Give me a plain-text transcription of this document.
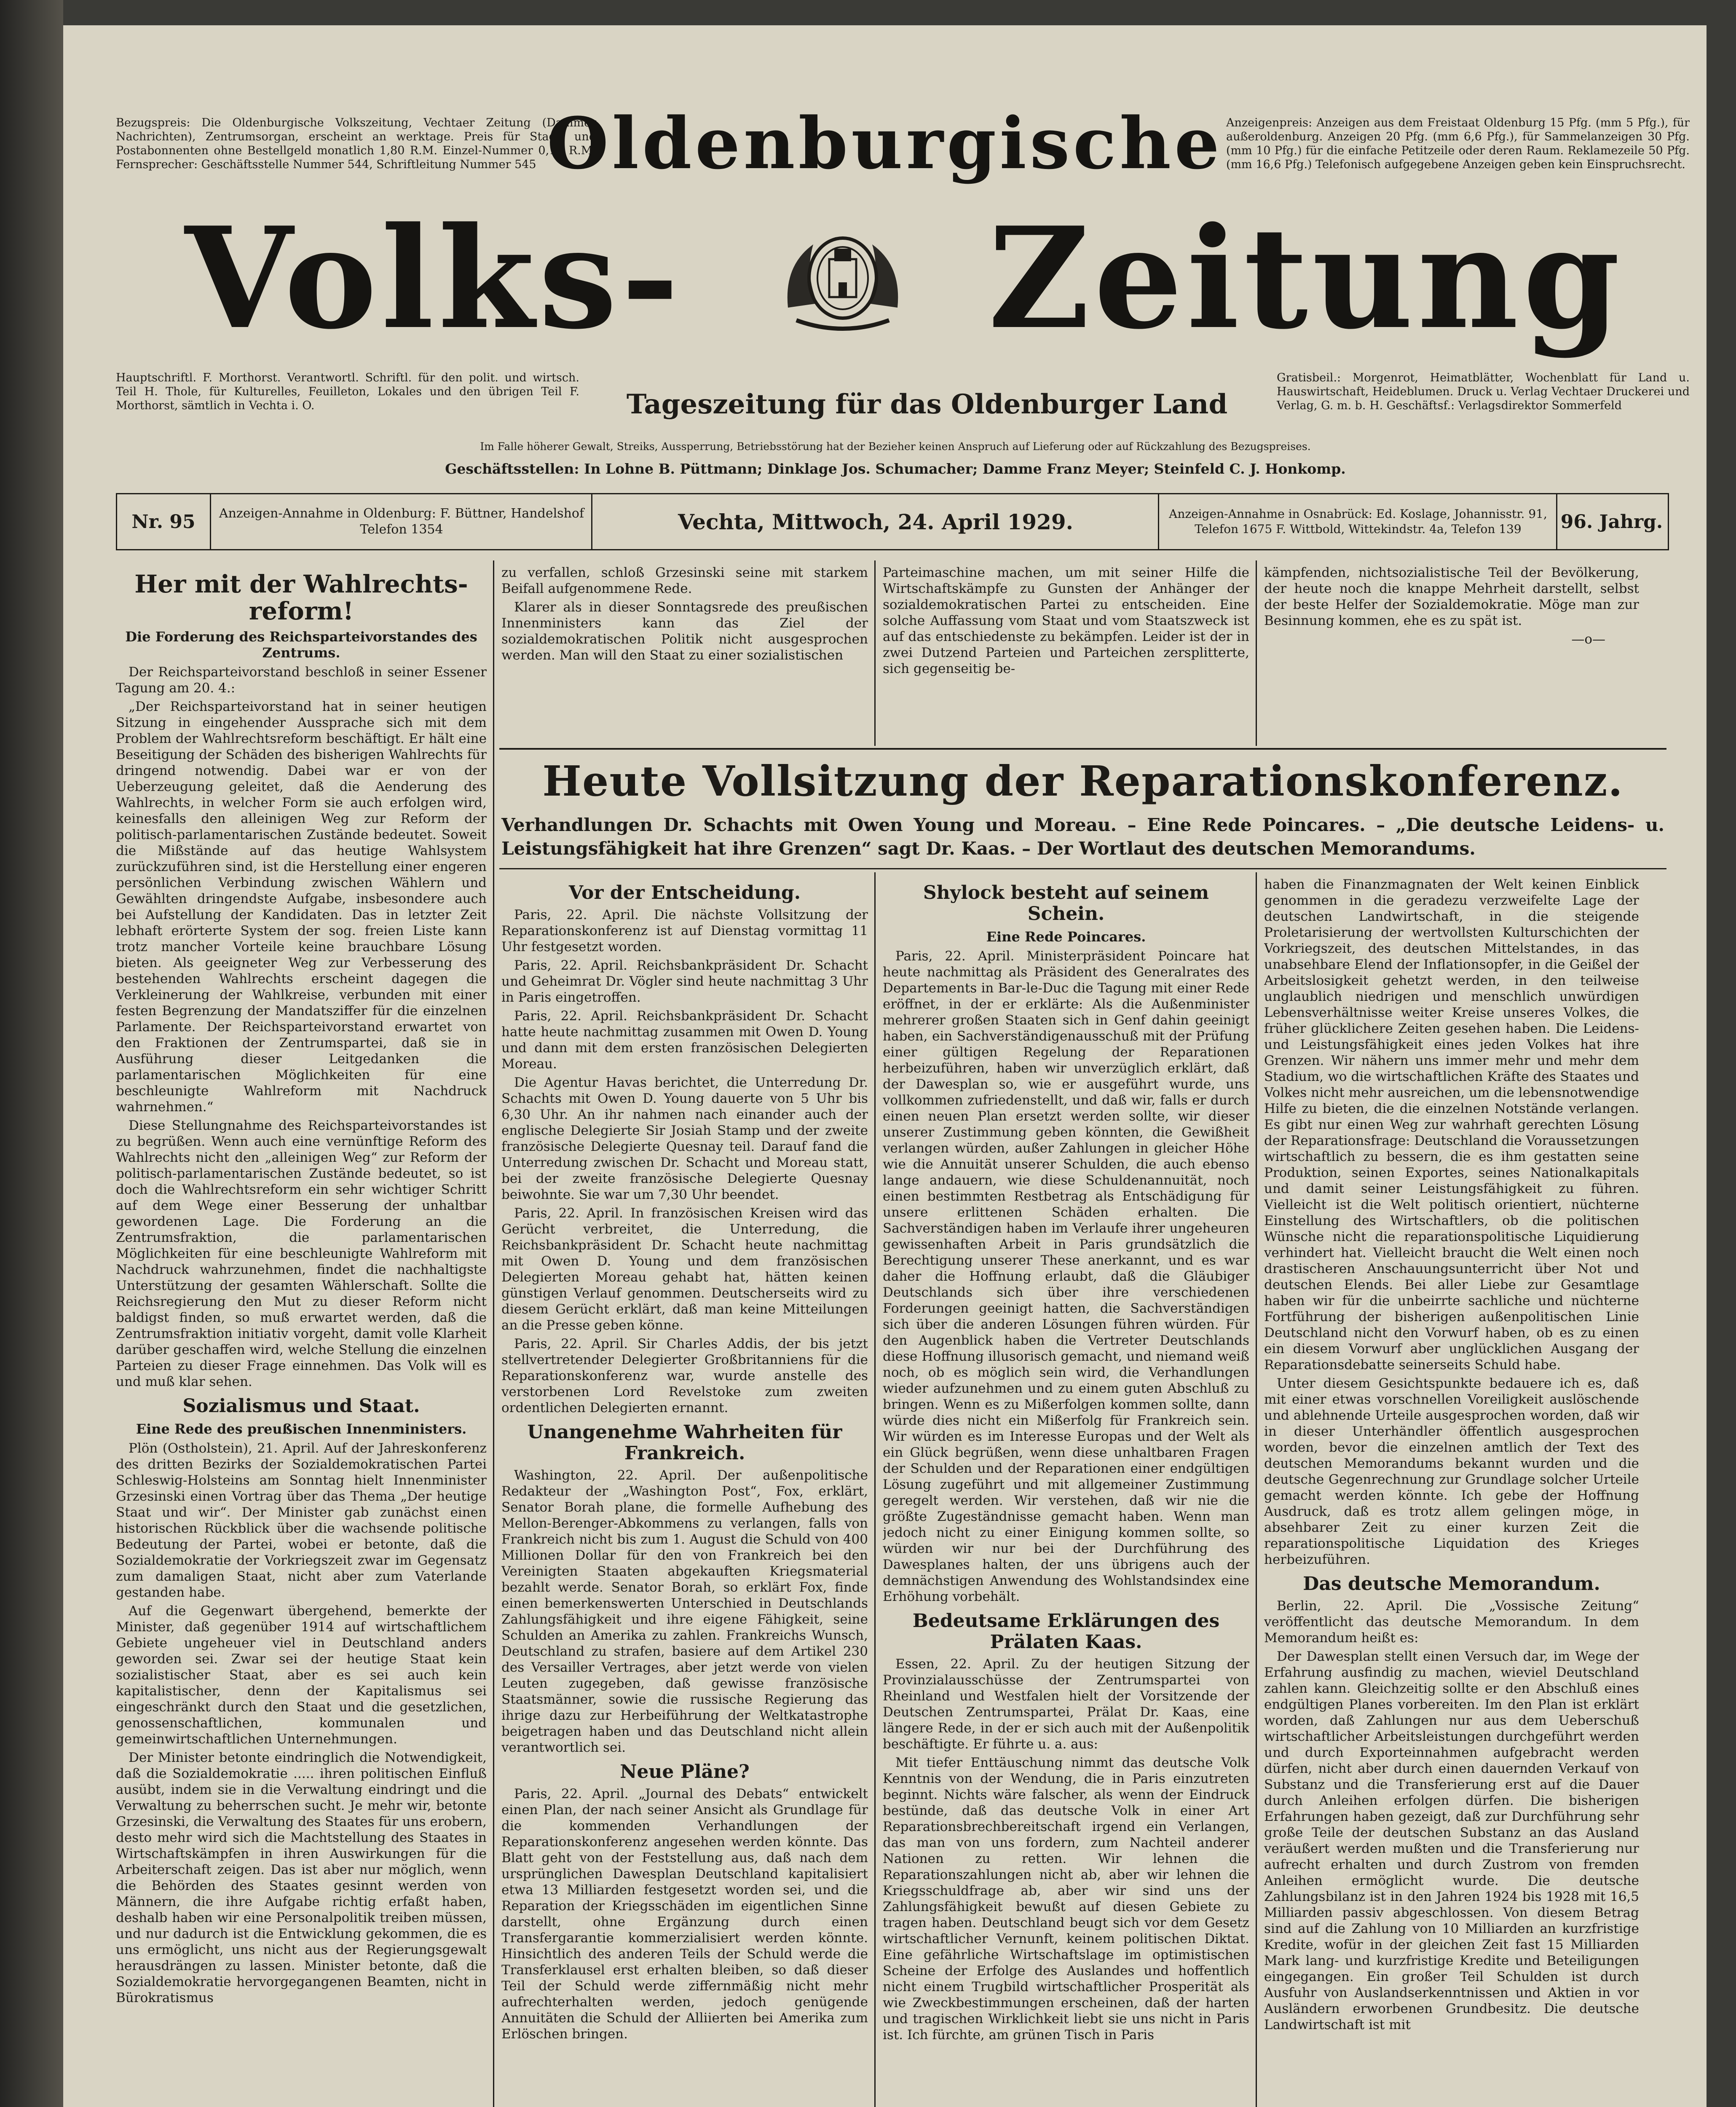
Bezugspreis: Die Oldenburgische Volkszeitung, Vechtaer Zeitung (Dammer Nachrichten), Zentrumsorgan, erscheint an werktage. Preis für Stadt- und Postabonnenten ohne Bestellgeld monatlich 1,80 R.M. Einzel-Nummer 0,10 R.M. Fernsprecher: Geschäftsstelle Nummer 544, Schriftleitung Nummer 545
Anzeigenpreis: Anzeigen aus dem Freistaat Oldenburg 15 Pfg. (mm 5 Pfg.), für außeroldenburg. Anzeigen 20 Pfg. (mm 6,6 Pfg.), für Sammelanzeigen 30 Pfg. (mm 10 Pfg.) für die einfache Petitzeile oder deren Raum. Reklamezeile 50 Pfg. (mm 16,6 Pfg.) Telefonisch aufgegebene Anzeigen geben kein Einspruchsrecht.
Oldenburgische
Volks-	Zeitung
Hauptschriftl. F. Morthorst. Verantwortl. Schriftl. für den polit. und wirtsch. Teil H. Thole, für Kulturelles, Feuilleton, Lokales und den übrigen Teil F. Morthorst, sämtlich in Vechta i. O.	Tageszeitung für das Oldenburger Land
Gratisbeil.: Morgenrot, Heimatblätter, Wochenblatt für Land u. Hauswirtschaft, Heideblumen. Druck u. Verlag Vechtaer Druckerei und Verlag, G. m. b. H. Geschäftsf.: Verlagsdirektor Sommerfeld
Im Falle höherer Gewalt, Streiks, Aussperrung, Betriebsstörung hat der Bezieher keinen Anspruch auf Lieferung oder auf Rückzahlung des Bezugspreises.
Geschäftsstellen: In Lohne B. Püttmann; Dinklage Jos. Schumacher; Damme Franz Meyer; Steinfeld C. J. Honkomp.
Nr. 95	Anzeigen-Annahme in Oldenburg: F. Büttner, Handelshof Telefon 1354	Vechta, Mittwoch, 24. April 1929.	Anzeigen-Annahme in Osnabrück: Ed. Koslage, Johannisstr. 91, Telefon 1675 F. Wittbold, Wittekindstr. 4a, Telefon 139	96. Jahrg.
Her mit der Wahlrechts-reform!
Die Forderung des Reichsparteivorstandes des Zentrums.

Der Reichsparteivorstand beschloß in seiner Essener Tagung am 20. 4.:

„Der Reichsparteivorstand hat in seiner heutigen Sitzung in eingehender Aussprache sich mit dem Problem der Wahlrechtsreform beschäftigt. Er hält eine Beseitigung der Schäden des bisherigen Wahlrechts für dringend notwendig. Dabei war er von der Ueberzeugung geleitet, daß die Aenderung des Wahlrechts, in welcher Form sie auch erfolgen wird, keinesfalls den alleinigen Weg zur Reform der politisch-parlamentarischen Zustände bedeutet. Soweit die Mißstände auf das heutige Wahlsystem zurückzuführen sind, ist die Herstellung einer engeren persönlichen Verbindung zwischen Wählern und Gewählten dringendste Aufgabe, insbesondere auch bei Aufstellung der Kandidaten. Das in letzter Zeit lebhaft erörterte System der sog. freien Liste kann trotz mancher Vorteile keine brauchbare Lösung bieten. Als geeigneter Weg zur Verbesserung des bestehenden Wahlrechts erscheint dagegen die Verkleinerung der Wahlkreise, verbunden mit einer festen Begrenzung der Mandatsziffer für die einzelnen Parlamente. Der Reichsparteivorstand erwartet von den Fraktionen der Zentrumspartei, daß sie in Ausführung dieser Leitgedanken die parlamentarischen Möglichkeiten für eine beschleunigte Wahlreform mit Nachdruck wahrnehmen.“

Diese Stellungnahme des Reichsparteivorstandes ist zu begrüßen. Wenn auch eine vernünftige Reform des Wahlrechts nicht den „alleinigen Weg“ zur Reform der politisch-parlamentarischen Zustände bedeutet, so ist doch die Wahlrechtsreform ein sehr wichtiger Schritt auf dem Wege einer Besserung der unhaltbar gewordenen Lage. Die Forderung an die Zentrumsfraktion, die parlamentarischen Möglichkeiten für eine beschleunigte Wahlreform mit Nachdruck wahrzunehmen, findet die nachhaltigste Unterstützung der gesamten Wählerschaft. Sollte die Reichsregierung den Mut zu dieser Reform nicht baldigst finden, so muß erwartet werden, daß die Zentrumsfraktion initiativ vorgeht, damit volle Klarheit darüber geschaffen wird, welche Stellung die einzelnen Parteien zu dieser Frage einnehmen. Das Volk will es und muß klar sehen.

Sozialismus und Staat.
Eine Rede des preußischen Innenministers.

Plön (Ostholstein), 21. April. Auf der Jahreskonferenz des dritten Bezirks der Sozialdemokratischen Partei Schleswig-Holsteins am Sonntag hielt Innenminister Grzesinski einen Vortrag über das Thema „Der heutige Staat und wir“. Der Minister gab zunächst einen historischen Rückblick über die wachsende politische Bedeutung der Partei, wobei er betonte, daß die Sozialdemokratie der Vorkriegszeit zwar im Gegensatz zum damaligen Staat, nicht aber zum Vaterlande gestanden habe.

Auf die Gegenwart übergehend, bemerkte der Minister, daß gegenüber 1914 auf wirtschaftlichem Gebiete ungeheuer viel in Deutschland anders geworden sei. Zwar sei der heutige Staat kein sozialistischer Staat, aber es sei auch kein kapitalistischer, denn der Kapitalismus sei eingeschränkt durch den Staat und die gesetzlichen, genossenschaftlichen, kommunalen und gemeinwirtschaftlichen Unternehmungen.

Der Minister betonte eindringlich die Notwendigkeit, daß die Sozialdemokratie ..... ihren politischen Einfluß ausübt, indem sie in die Verwaltung eindringt und die Verwaltung zu beherrschen sucht. Je mehr wir, betonte Grzesinski, die Verwaltung des Staates für uns erobern, desto mehr wird sich die Machtstellung des Staates in Wirtschaftskämpfen in ihren Auswirkungen für die Arbeiterschaft zeigen. Das ist aber nur möglich, wenn die Behörden des Staates gesinnt werden von Männern, die ihre Aufgabe richtig erfaßt haben, deshalb haben wir eine Personalpolitik treiben müssen, und nur dadurch ist die Entwicklung gekommen, die es uns ermöglicht, uns nicht aus der Regierungsgewalt herausdrängen zu lassen. Minister betonte, daß die Sozialdemokratie hervorgegangenen Beamten, nicht in Bürokratismus

zu verfallen, schloß Grzesinski seine mit starkem Beifall aufgenommene Rede.

Klarer als in dieser Sonntagsrede des preußischen Innenministers kann das Ziel der sozialdemokratischen Politik nicht ausgesprochen werden. Man will den Staat zu einer sozialistischen

Parteimaschine machen, um mit seiner Hilfe die Wirtschaftskämpfe zu Gunsten der Anhänger der sozialdemokratischen Partei zu entscheiden. Eine solche Auffassung vom Staat und vom Staatszweck ist auf das entschiedenste zu bekämpfen. Leider ist der in zwei Dutzend Parteien und Parteichen zersplitterte, sich gegenseitig be-

kämpfenden, nichtsozialistische Teil der Bevölkerung, der heute noch die knappe Mehrheit darstellt, selbst der beste Helfer der Sozialdemokratie. Möge man zur Besinnung kommen, ehe es zu spät ist.

—o—
Heute Vollsitzung der Reparationskonferenz.
Verhandlungen Dr. Schachts mit Owen Young und Moreau. – Eine Rede Poincares. – „Die deutsche Leidens- u. Leistungsfähigkeit hat ihre Grenzen“ sagt Dr. Kaas. – Der Wortlaut des deutschen Memorandums.
Vor der Entscheidung.

Paris, 22. April. Die nächste Vollsitzung der Reparationskonferenz ist auf Dienstag vormittag 11 Uhr festgesetzt worden.

Paris, 22. April. Reichsbankpräsident Dr. Schacht und Geheimrat Dr. Vögler sind heute nachmittag 3 Uhr in Paris eingetroffen.

Paris, 22. April. Reichsbankpräsident Dr. Schacht hatte heute nachmittag zusammen mit Owen D. Young und dann mit dem ersten französischen Delegierten Moreau.

Die Agentur Havas berichtet, die Unterredung Dr. Schachts mit Owen D. Young dauerte von 5 Uhr bis 6,30 Uhr. An ihr nahmen nach einander auch der englische Delegierte Sir Josiah Stamp und der zweite französische Delegierte Quesnay teil. Darauf fand die Unterredung zwischen Dr. Schacht und Moreau statt, bei der zweite französische Delegierte Quesnay beiwohnte. Sie war um 7,30 Uhr beendet.

Paris, 22. April. In französischen Kreisen wird das Gerücht verbreitet, die Unterredung, die Reichsbankpräsident Dr. Schacht heute nachmittag mit Owen D. Young und dem französischen Delegierten Moreau gehabt hat, hätten keinen günstigen Verlauf genommen. Deutscherseits wird zu diesem Gerücht erklärt, daß man keine Mitteilungen an die Presse geben könne.

Paris, 22. April. Sir Charles Addis, der bis jetzt stellvertretender Delegierter Großbritanniens für die Reparationskonferenz war, wurde anstelle des verstorbenen Lord Revelstoke zum zweiten ordentlichen Delegierten ernannt.

Unangenehme Wahrheiten für Frankreich.

Washington, 22. April. Der außenpolitische Redakteur der „Washington Post“, Fox, erklärt, Senator Borah plane, die formelle Aufhebung des Mellon-Berenger-Abkommens zu verlangen, falls von Frankreich nicht bis zum 1. August die Schuld von 400 Millionen Dollar für den von Frankreich bei den Vereinigten Staaten abgekauften Kriegsmaterial bezahlt werde. Senator Borah, so erklärt Fox, finde einen bemerkenswerten Unterschied in Deutschlands Zahlungsfähigkeit und ihre eigene Fähigkeit, seine Schulden an Amerika zu zahlen. Frankreichs Wunsch, Deutschland zu strafen, basiere auf dem Artikel 230 des Versailler Vertrages, aber jetzt werde von vielen Leuten zugegeben, daß gewisse französische Staatsmänner, sowie die russische Regierung das ihrige dazu zur Herbeiführung der Weltkatastrophe beigetragen haben und das Deutschland nicht allein verantwortlich sei.

Neue Pläne?

Paris, 22. April. „Journal des Debats“ entwickelt einen Plan, der nach seiner Ansicht als Grundlage für die kommenden Verhandlungen der Reparationskonferenz angesehen werden könnte. Das Blatt geht von der Feststellung aus, daß nach dem ursprünglichen Dawesplan Deutschland kapitalisiert etwa 13 Milliarden festgesetzt worden sei, und die Reparation der Kriegsschäden im eigentlichen Sinne darstellt, ohne Ergänzung durch einen Transfergarantie kommerzialisiert werden könnte. Hinsichtlich des anderen Teils der Schuld werde die Transferklausel erst erhalten bleiben, so daß dieser Teil der Schuld werde ziffernmäßig nicht mehr aufrechterhalten werden, jedoch genügende Annuitäten die Schuld der Alliierten bei Amerika zum Erlöschen bringen.

Shylock besteht auf seinem Schein.
Eine Rede Poincares.

Paris, 22. April. Ministerpräsident Poincare hat heute nachmittag als Präsident des Generalrates des Departements in Bar-le-Duc die Tagung mit einer Rede eröffnet, in der er erklärte: Als die Außenminister mehrerer großen Staaten sich in Genf dahin geeinigt haben, ein Sachverständigenausschuß mit der Prüfung einer gültigen Regelung der Reparationen herbeizuführen, haben wir unverzüglich erklärt, daß der Dawesplan so, wie er ausgeführt wurde, uns vollkommen zufriedenstellt, und daß wir, falls er durch einen neuen Plan ersetzt werden sollte, wir dieser unserer Zustimmung geben könnten, die Gewißheit verlangen würden, außer Zahlungen in gleicher Höhe wie die Annuität unserer Schulden, die auch ebenso lange andauern, wie diese Schuldenannuität, noch einen bestimmten Restbetrag als Entschädigung für unsere erlittenen Schäden erhalten. Die Sachverständigen haben im Verlaufe ihrer ungeheuren gewissenhaften Arbeit in Paris grundsätzlich die Berechtigung unserer These anerkannt, und es war daher die Hoffnung erlaubt, daß die Gläubiger Deutschlands sich über ihre verschiedenen Forderungen geeinigt hatten, die Sachverständigen sich über die anderen Lösungen führen würden. Für den Augenblick haben die Vertreter Deutschlands diese Hoffnung illusorisch gemacht, und niemand weiß noch, ob es möglich sein wird, die Verhandlungen wieder aufzunehmen und zu einem guten Abschluß zu bringen. Wenn es zu Mißerfolgen kommen sollte, dann würde dies nicht ein Mißerfolg für Frankreich sein. Wir würden es im Interesse Europas und der Welt als ein Glück begrüßen, wenn diese unhaltbaren Fragen der Schulden und der Reparationen einer endgültigen Lösung zugeführt und mit allgemeiner Zustimmung geregelt werden. Wir verstehen, daß wir nie die größte Zugeständnisse gemacht haben. Wenn man jedoch nicht zu einer Einigung kommen sollte, so würden wir nur bei der Durchführung des Dawesplanes halten, der uns übrigens auch der demnächstigen Anwendung des Wohlstandsindex eine Erhöhung vorbehält.

Bedeutsame Erklärungen des Prälaten Kaas.

Essen, 22. April. Zu der heutigen Sitzung der Provinzialausschüsse der Zentrumspartei von Rheinland und Westfalen hielt der Vorsitzende der Deutschen Zentrumspartei, Prälat Dr. Kaas, eine längere Rede, in der er sich auch mit der Außenpolitik beschäftigte. Er führte u. a. aus:

Mit tiefer Enttäuschung nimmt das deutsche Volk Kenntnis von der Wendung, die in Paris einzutreten beginnt. Nichts wäre falscher, als wenn der Eindruck bestünde, daß das deutsche Volk in einer Art Reparationsbrechbereitschaft irgend ein Verlangen, das man von uns fordern, zum Nachteil anderer Nationen zu retten. Wir lehnen die Reparationszahlungen nicht ab, aber wir lehnen die Kriegsschuldfrage ab, aber wir sind uns der Zahlungsfähigkeit bewußt auf diesen Gebiete zu tragen haben. Deutschland beugt sich vor dem Gesetz wirtschaftlicher Vernunft, keinem politischen Diktat. Eine gefährliche Wirtschaftslage im optimistischen Scheine der Erfolge des Auslandes und hoffentlich nicht einem Trugbild wirtschaftlicher Prosperität als wie Zweckbestimmungen erscheinen, daß der harten und tragischen Wirklichkeit liebt sie uns nicht in Paris ist. Ich fürchte, am grünen Tisch in Paris

haben die Finanzmagnaten der Welt keinen Einblick genommen in die geradezu verzweifelte Lage der deutschen Landwirtschaft, in die steigende Proletarisierung der wertvollsten Kulturschichten der Vorkriegszeit, des deutschen Mittelstandes, in das unabsehbare Elend der Inflationsopfer, in die Geißel der Arbeitslosigkeit gehetzt werden, in den teilweise unglaublich niedrigen und menschlich unwürdigen Lebensverhältnisse weiter Kreise unseres Volkes, die früher glücklichere Zeiten gesehen haben. Die Leidens- und Leistungsfähigkeit eines jeden Volkes hat ihre Grenzen. Wir nähern uns immer mehr und mehr dem Stadium, wo die wirtschaftlichen Kräfte des Staates und Volkes nicht mehr ausreichen, um die lebensnotwendige Hilfe zu bieten, die die einzelnen Notstände verlangen. Es gibt nur einen Weg zur wahrhaft gerechten Lösung der Reparationsfrage: Deutschland die Voraussetzungen wirtschaftlich zu bessern, die es ihm gestatten seine Produktion, seinen Exportes, seines Nationalkapitals und damit seiner Leistungsfähigkeit zu führen. Vielleicht ist die Welt politisch orientiert, nüchterne Einstellung des Wirtschaftlers, ob die politischen Wünsche nicht die reparationspolitische Liquidierung verhindert hat. Vielleicht braucht die Welt einen noch drastischeren Anschauungsunterricht über Not und deutschen Elends. Bei aller Liebe zur Gesamtlage haben wir für die unbeirrte sachliche und nüchterne Fortführung der bisherigen außenpolitischen Linie Deutschland nicht den Vorwurf haben, ob es zu einen ein diesem Vorwurf aber unglücklichen Ausgang der Reparationsdebatte seinerseits Schuld habe.

Unter diesem Gesichtspunkte bedauere ich es, daß mit einer etwas vorschnellen Voreiligkeit auslöschende und ablehnende Urteile ausgesprochen worden, daß wir in dieser Unterhändler öffentlich ausgesprochen worden, bevor die einzelnen amtlich der Text des deutschen Memorandums bekannt wurden und die deutsche Gegenrechnung zur Grundlage solcher Urteile gemacht werden könnte. Ich gebe der Hoffnung Ausdruck, daß es trotz allem gelingen möge, in absehbarer Zeit zu einer kurzen Zeit die reparationspolitische Liquidation des Krieges herbeizuführen.

Das deutsche Memorandum.

Berlin, 22. April. Die „Vossische Zeitung“ veröffentlicht das deutsche Memorandum. In dem Memorandum heißt es:

Der Dawesplan stellt einen Versuch dar, im Wege der Erfahrung ausfindig zu machen, wieviel Deutschland zahlen kann. Gleichzeitig sollte er den Abschluß eines endgültigen Planes vorbereiten. Im den Plan ist erklärt worden, daß Zahlungen nur aus dem Ueberschuß wirtschaftlicher Arbeitsleistungen durchgeführt werden und durch Exporteinnahmen aufgebracht werden dürfen, nicht aber durch einen dauernden Verkauf von Substanz und die Transferierung erst auf die Dauer durch Anleihen erfolgen dürfen. Die bisherigen Erfahrungen haben gezeigt, daß zur Durchführung sehr große Teile der deutschen Substanz an das Ausland veräußert werden mußten und die Transferierung nur aufrecht erhalten und durch Zustrom von fremden Anleihen ermöglicht wurde. Die deutsche Zahlungsbilanz ist in den Jahren 1924 bis 1928 mit 16,5 Milliarden passiv abgeschlossen. Von diesem Betrag sind auf die Zahlung von 10 Milliarden an kurzfristige Kredite, wofür in der gleichen Zeit fast 15 Milliarden Mark lang- und kurzfristige Kredite und Beteiligungen eingegangen. Ein großer Teil Schulden ist durch Ausfuhr von Auslandserkenntnissen und Aktien in vor Ausländern erworbenen Grundbesitz. Die deutsche Landwirtschaft ist mit
